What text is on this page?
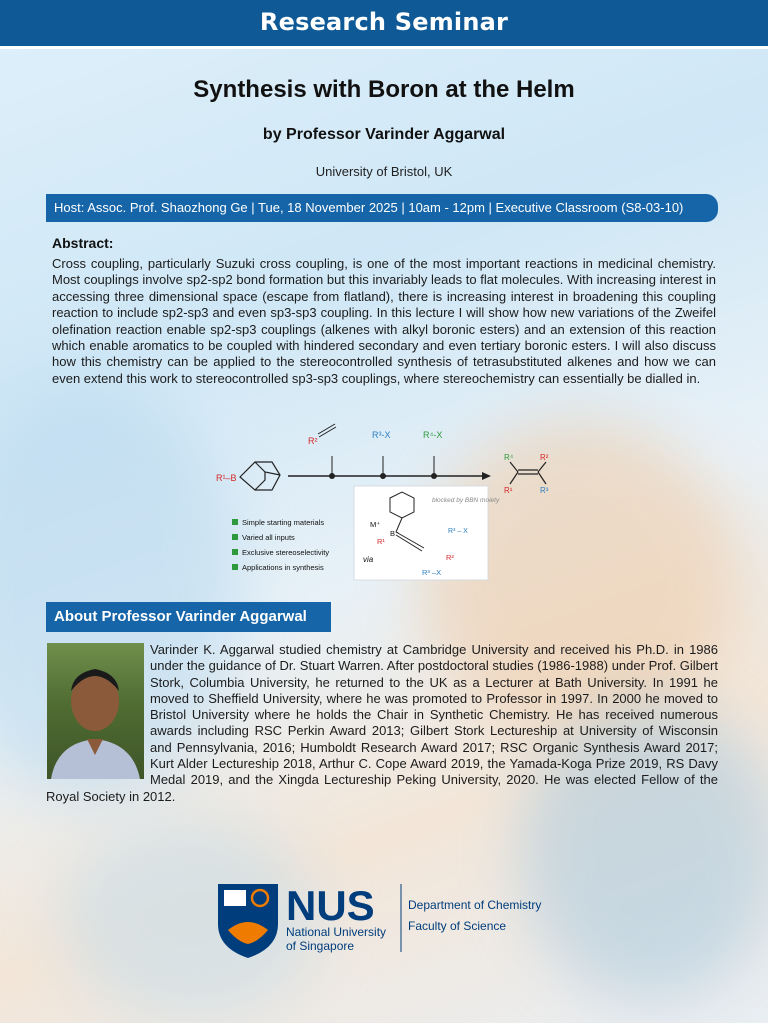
Research Seminar
Synthesis with Boron at the Helm
by Professor Varinder Aggarwal
University of Bristol, UK
Host: Assoc. Prof. Shaozhong Ge | Tue, 18 November 2025 | 10am - 12pm | Executive Classroom (S8-03-10)
Abstract:
Cross coupling, particularly Suzuki cross coupling, is one of the most important reactions in medicinal chemistry. Most couplings involve sp2-sp2 bond formation but this invariably leads to flat molecules. With increasing interest in accessing three dimensional space (escape from flatland), there is increasing interest in broadening this coupling reaction to include sp2-sp3 and even sp3-sp3 coupling. In this lecture I will show how new variations of the Zweifel olefination reaction enable sp2-sp3 couplings (alkenes with alkyl boronic esters) and an extension of this reaction which enable aromatics to be coupled with hindered secondary and even tertiary boronic esters. I will also discuss how this chemistry can be applied to the stereocontrolled synthesis of tetrasubstituted alkenes and how we can even extend this work to stereocontrolled sp3-sp3 couplings, where stereochemistry can essentially be dialled in.
R¹–B
R²
R³-X	R⁴-X
R⁴	R²
R¹	R³
Simple starting materials
Varied all inputs
Exclusive stereoselectivity
Applications in synthesis
via
blocked by BBN moiety
M⁺
B⁻
R¹
R²
R³ – X
R³ –X
About Professor Varinder Aggarwal
Varinder K. Aggarwal studied chemistry at Cambridge University and received his Ph.D. in 1986 under the guidance of Dr. Stuart Warren. After postdoctoral studies (1986-1988) under Prof. Gilbert Stork, Columbia University, he returned to the UK as a Lecturer at Bath University. In 1991 he moved to Sheffield University, where he was promoted to Professor in 1997. In 2000 he moved to Bristol University where he holds the Chair in Synthetic Chemistry. He has received numerous awards including RSC Perkin Award 2013; Gilbert Stork Lectureship at University of Wisconsin and Pennsylvania, 2016; Humboldt Research Award 2017; RSC Organic Synthesis Award 2017; Kurt Alder Lectureship 2018, Arthur C. Cope Award 2019, the Yamada-Koga Prize 2019, RS Davy Medal 2019, and the Xingda Lectureship Peking University, 2020. He was elected Fellow of the Royal Society in 2012.
NUS
National University
of Singapore
Department of Chemistry
Faculty of Science
